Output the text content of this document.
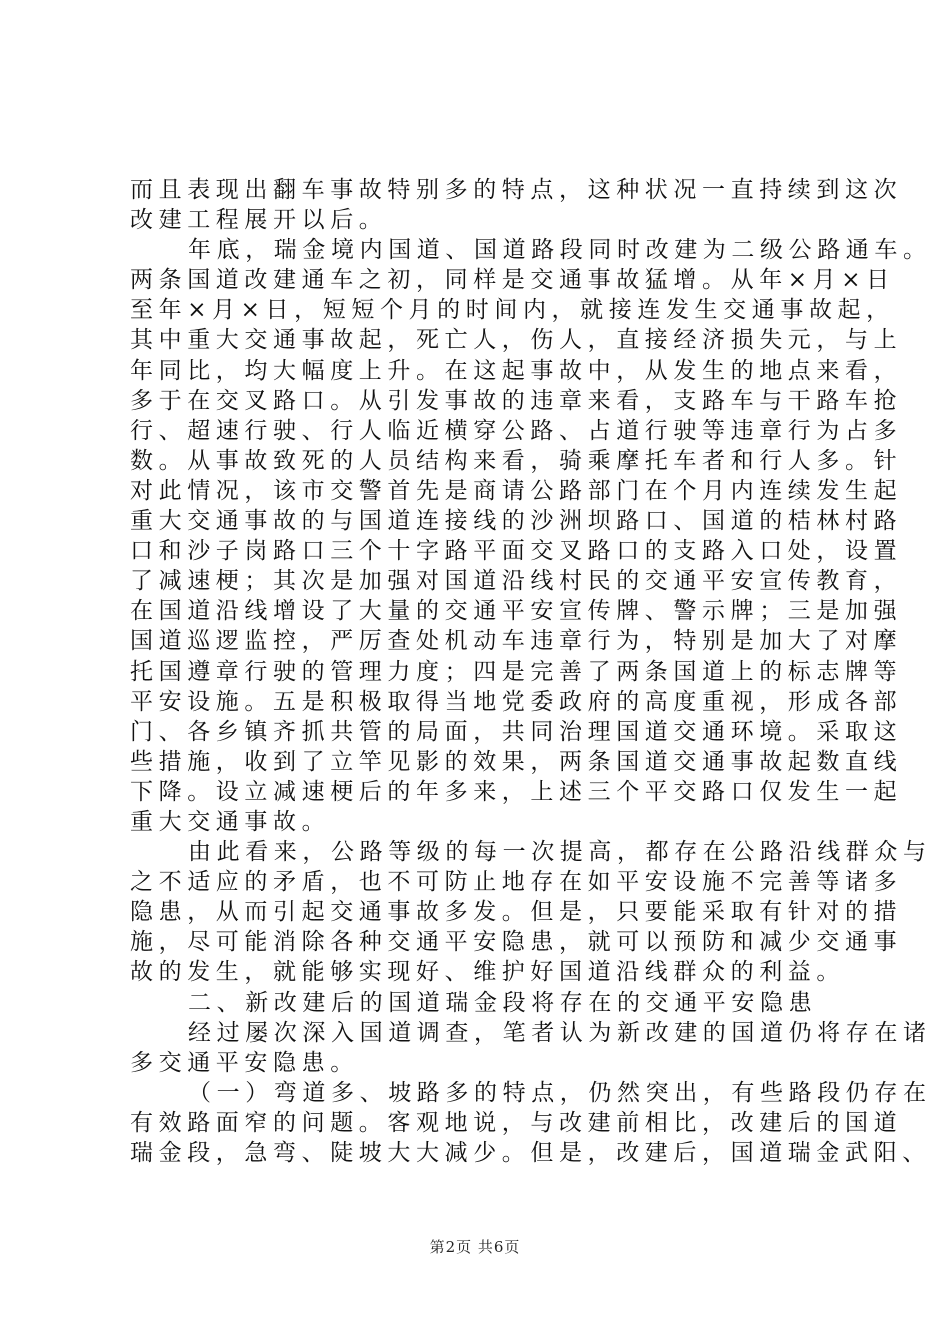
而且表现出翻车事故特别多的特点，这种状况一直持续到这次
改建工程展开以后。
年底，瑞金境内国道、国道路段同时改建为二级公路通车。
两条国道改建通车之初，同样是交通事故猛增。从年×月×日
至年×月×日，短短个月的时间内，就接连发生交通事故起，
其中重大交通事故起，死亡人，伤人，直接经济损失元，与上
年同比，均大幅度上升。在这起事故中，从发生的地点来看，
多于在交叉路口。从引发事故的违章来看，支路车与干路车抢
行、超速行驶、行人临近横穿公路、占道行驶等违章行为占多
数。从事故致死的人员结构来看，骑乘摩托车者和行人多。针
对此情况，该市交警首先是商请公路部门在个月内连续发生起
重大交通事故的与国道连接线的沙洲坝路口、国道的桔林村路
口和沙子岗路口三个十字路平面交叉路口的支路入口处，设置
了减速梗；其次是加强对国道沿线村民的交通平安宣传教育，
在国道沿线增设了大量的交通平安宣传牌、警示牌；三是加强
国道巡逻监控，严厉查处机动车违章行为，特别是加大了对摩
托国遵章行驶的管理力度；四是完善了两条国道上的标志牌等
平安设施。五是积极取得当地党委政府的高度重视，形成各部
门、各乡镇齐抓共管的局面，共同治理国道交通环境。采取这
些措施，收到了立竿见影的效果，两条国道交通事故起数直线
下降。设立减速梗后的年多来，上述三个平交路口仅发生一起
重大交通事故。
由此看来，公路等级的每一次提高，都存在公路沿线群众与
之不适应的矛盾，也不可防止地存在如平安设施不完善等诸多
隐患，从而引起交通事故多发。但是，只要能采取有针对的措
施，尽可能消除各种交通平安隐患，就可以预防和减少交通事
故的发生，就能够实现好、维护好国道沿线群众的利益。
二、新改建后的国道瑞金段将存在的交通平安隐患
经过屡次深入国道调查，笔者认为新改建的国道仍将存在诸
多交通平安隐患。
（一）弯道多、坡路多的特点，仍然突出，有些路段仍存在
有效路面窄的问题。客观地说，与改建前相比，改建后的国道
瑞金段，急弯、陡坡大大减少。但是，改建后，国道瑞金武阳、
第2页 共6页
